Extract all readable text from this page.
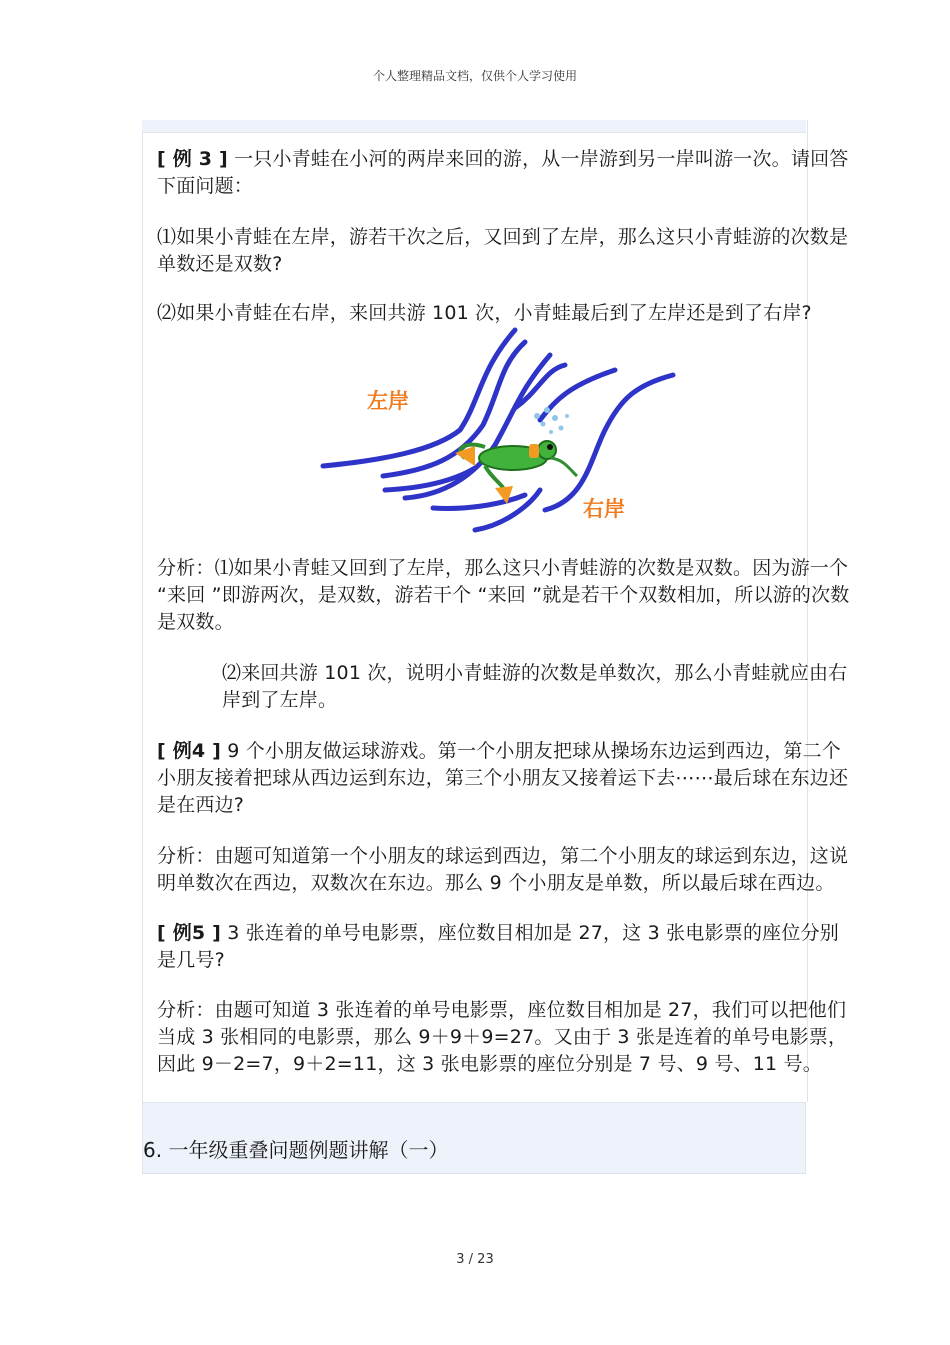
个人整理精品文档，仅供个人学习使用

[ 例 3 ] 一只小青蛙在小河的两岸来回的游，从一岸游到另一岸叫游一次。请回答下面问题：

⑴如果小青蛙在左岸，游若干次之后，又回到了左岸，那么这只小青蛙游的次数是单数还是双数?

⑵如果小青蛙在右岸，来回共游 101 次，小青蛙最后到了左岸还是到了右岸?

左岸
右岸

分析：⑴如果小青蛙又回到了左岸，那么这只小青蛙游的次数是双数。因为游一个 “来回 ”即游两次，是双数，游若干个 “来回 ”就是若干个双数相加，所以游的次数是双数。

⑵来回共游 101 次，说明小青蛙游的次数是单数次，那么小青蛙就应由右岸到了左岸。

[ 例4 ] 9 个小朋友做运球游戏。第一个小朋友把球从操场东边运到西边，第二个小朋友接着把球从西边运到东边，第三个小朋友又接着运下去⋯⋯最后球在东边还是在西边?

分析：由题可知道第一个小朋友的球运到西边，第二个小朋友的球运到东边，这说明单数次在西边，双数次在东边。那么 9 个小朋友是单数，所以最后球在西边。

[ 例5 ] 3 张连着的单号电影票，座位数目相加是 27，这 3 张电影票的座位分别是几号?

分析：由题可知道 3 张连着的单号电影票，座位数目相加是 27，我们可以把他们当成 3 张相同的电影票，那么 9＋9＋9=27。又由于 3 张是连着的单号电影票，因此 9－2=7，9＋2=11，这 3 张电影票的座位分别是 7 号、9 号、11 号。

6. 一年级重叠问题例题讲解（一）
3 / 23
